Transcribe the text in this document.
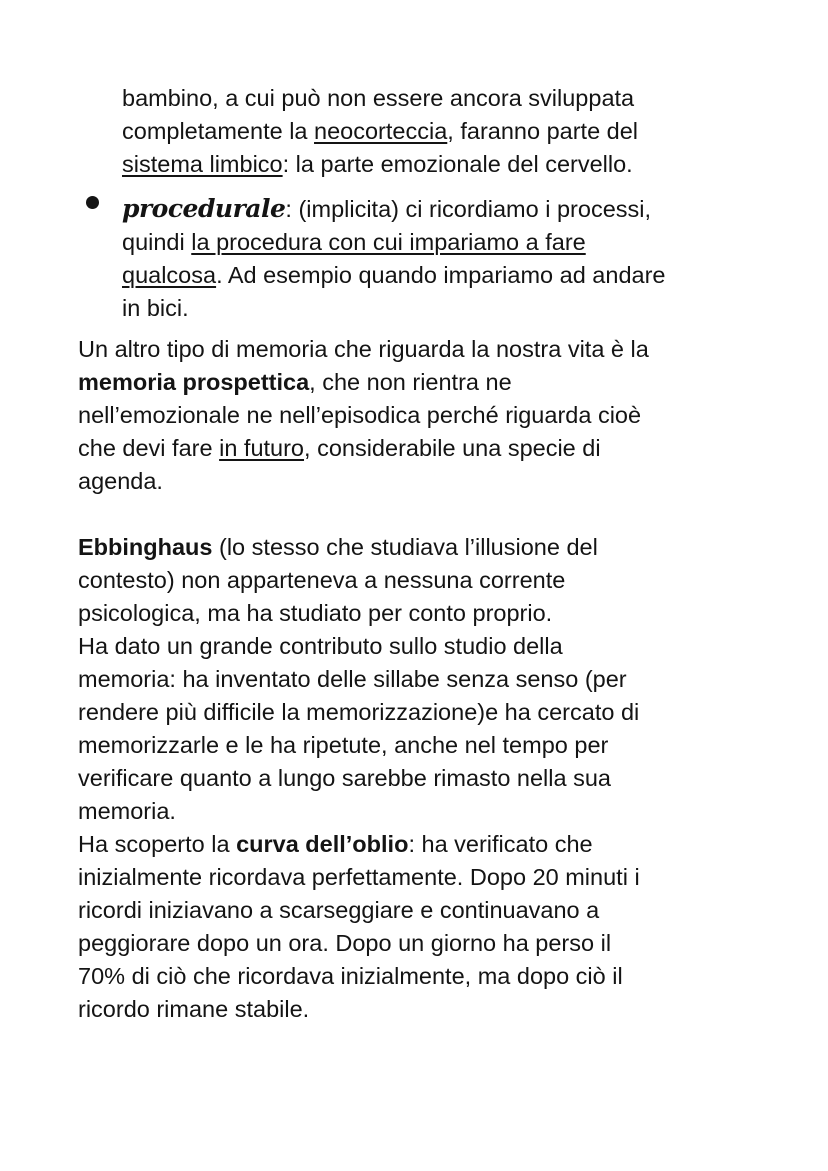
bambino, a cui può non essere ancora sviluppata
completamente la neocorteccia, faranno parte del
sistema limbico: la parte emozionale del cervello.
procedurale: (implicita) ci ricordiamo i processi,
quindi la procedura con cui impariamo a fare
qualcosa. Ad esempio quando impariamo ad andare
in bici.
Un altro tipo di memoria che riguarda la nostra vita è la
memoria prospettica, che non rientra ne
nell’emozionale ne nell’episodica perché riguarda cioè
che devi fare in futuro, considerabile una specie di
agenda.
Ebbinghaus (lo stesso che studiava l’illusione del
contesto) non apparteneva a nessuna corrente
psicologica, ma ha studiato per conto proprio.
Ha dato un grande contributo sullo studio della
memoria: ha inventato delle sillabe senza senso (per
rendere più difficile la memorizzazione)e ha cercato di
memorizzarle e le ha ripetute, anche nel tempo per
verificare quanto a lungo sarebbe rimasto nella sua
memoria.
Ha scoperto la curva dell’oblio: ha verificato che
inizialmente ricordava perfettamente. Dopo 20 minuti i
ricordi iniziavano a scarseggiare e continuavano a
peggiorare dopo un ora. Dopo un giorno ha perso il
70% di ciò che ricordava inizialmente, ma dopo ciò il
ricordo rimane stabile.
